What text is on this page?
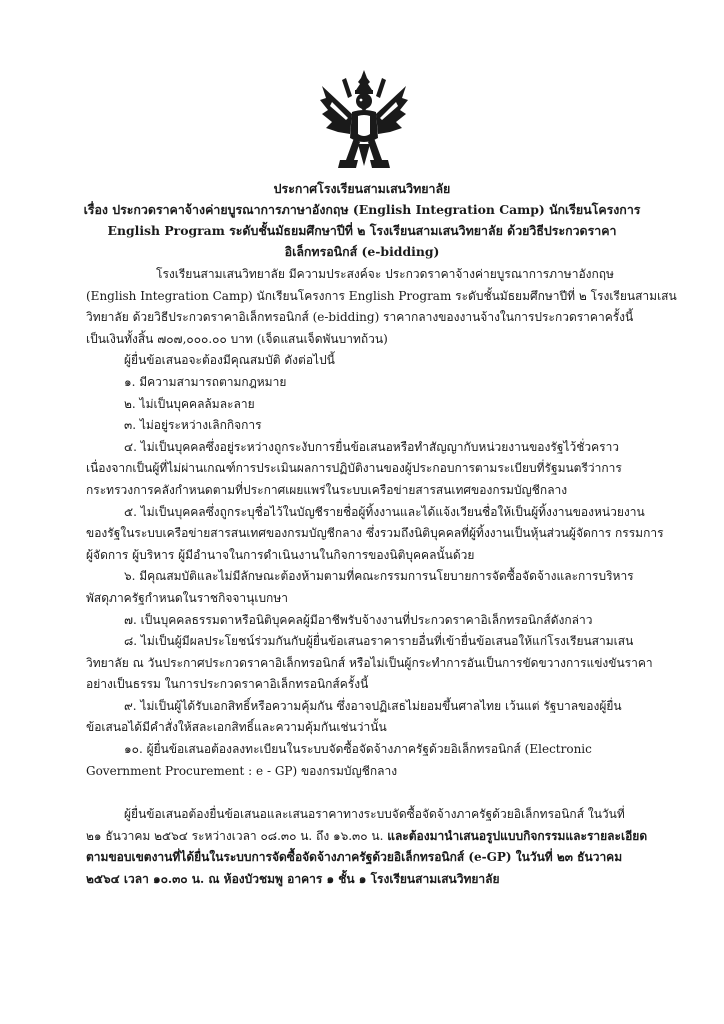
ประกาศโรงเรียนสามเสนวิทยาลัย

เรื่อง ประกวดราคาจ้างค่ายบูรณาการภาษาอังกฤษ (English Integration Camp) นักเรียนโครงการ

English Program ระดับชั้นมัธยมศึกษาปีที่ ๒ โรงเรียนสามเสนวิทยาลัย ด้วยวิธีประกวดราคา

อิเล็กทรอนิกส์ (e-bidding)

โรงเรียนสามเสนวิทยาลัย มีความประสงค์จะ ประกวดราคาจ้างค่ายบูรณาการภาษาอังกฤษ

(English Integration Camp) นักเรียนโครงการ English Program ระดับชั้นมัธยมศึกษาปีที่ ๒ โรงเรียนสามเสน

วิทยาลัย ด้วยวิธีประกวดราคาอิเล็กทรอนิกส์ (e-bidding) ราคากลางของงานจ้างในการประกวดราคาครั้งนี้

เป็นเงินทั้งสิ้น ๗๐๗,๐๐๐.๐๐ บาท (เจ็ดแสนเจ็ดพันบาทถ้วน)

ผู้ยื่นข้อเสนอจะต้องมีคุณสมบัติ ดังต่อไปนี้

๑. มีความสามารถตามกฎหมาย

๒. ไม่เป็นบุคคลล้มละลาย

๓. ไม่อยู่ระหว่างเลิกกิจการ

๔. ไม่เป็นบุคคลซึ่งอยู่ระหว่างถูกระงับการยื่นข้อเสนอหรือทำสัญญากับหน่วยงานของรัฐไว้ชั่วคราว

เนื่องจากเป็นผู้ที่ไม่ผ่านเกณฑ์การประเมินผลการปฏิบัติงานของผู้ประกอบการตามระเบียบที่รัฐมนตรีว่าการ

กระทรวงการคลังกำหนดตามที่ประกาศเผยแพร่ในระบบเครือข่ายสารสนเทศของกรมบัญชีกลาง

๕. ไม่เป็นบุคคลซึ่งถูกระบุชื่อไว้ในบัญชีรายชื่อผู้ทิ้งงานและได้แจ้งเวียนชื่อให้เป็นผู้ทิ้งงานของหน่วยงาน

ของรัฐในระบบเครือข่ายสารสนเทศของกรมบัญชีกลาง ซึ่งรวมถึงนิติบุคคลที่ผู้ทิ้งงานเป็นหุ้นส่วนผู้จัดการ กรรมการ

ผู้จัดการ ผู้บริหาร ผู้มีอำนาจในการดำเนินงานในกิจการของนิติบุคคลนั้นด้วย

๖. มีคุณสมบัติและไม่มีลักษณะต้องห้ามตามที่คณะกรรมการนโยบายการจัดซื้อจัดจ้างและการบริหาร

พัสดุภาครัฐกำหนดในราชกิจจานุเบกษา

๗. เป็นบุคคลธรรมดาหรือนิติบุคคลผู้มีอาชีพรับจ้างงานที่ประกวดราคาอิเล็กทรอนิกส์ดังกล่าว

๘. ไม่เป็นผู้มีผลประโยชน์ร่วมกันกับผู้ยื่นข้อเสนอราคารายอื่นที่เข้ายื่นข้อเสนอให้แก่โรงเรียนสามเสน

วิทยาลัย ณ วันประกาศประกวดราคาอิเล็กทรอนิกส์ หรือไม่เป็นผู้กระทำการอันเป็นการขัดขวางการแข่งขันราคา

อย่างเป็นธรรม ในการประกวดราคาอิเล็กทรอนิกส์ครั้งนี้

๙. ไม่เป็นผู้ได้รับเอกสิทธิ์หรือความคุ้มกัน ซึ่งอาจปฏิเสธไม่ยอมขึ้นศาลไทย เว้นแต่ รัฐบาลของผู้ยื่น

ข้อเสนอได้มีคำสั่งให้สละเอกสิทธิ์และความคุ้มกันเช่นว่านั้น

๑๐. ผู้ยื่นข้อเสนอต้องลงทะเบียนในระบบจัดซื้อจัดจ้างภาครัฐด้วยอิเล็กทรอนิกส์ (Electronic

Government Procurement : e - GP) ของกรมบัญชีกลาง

ผู้ยื่นข้อเสนอต้องยื่นข้อเสนอและเสนอราคาทางระบบจัดซื้อจัดจ้างภาครัฐด้วยอิเล็กทรอนิกส์ ในวันที่

๒๑ ธันวาคม ๒๕๖๔ ระหว่างเวลา ๐๘.๓๐ น. ถึง ๑๖.๓๐ น. และต้องมานำเสนอรูปแบบกิจกรรมและรายละเอียด

ตามขอบเขตงานที่ได้ยื่นในระบบการจัดซื้อจัดจ้างภาครัฐด้วยอิเล็กทรอนิกส์ (e-GP) ในวันที่ ๒๓ ธันวาคม

๒๕๖๔ เวลา ๑๐.๓๐ น. ณ ห้องบัวชมพู อาคาร ๑ ชั้น ๑ โรงเรียนสามเสนวิทยาลัย
